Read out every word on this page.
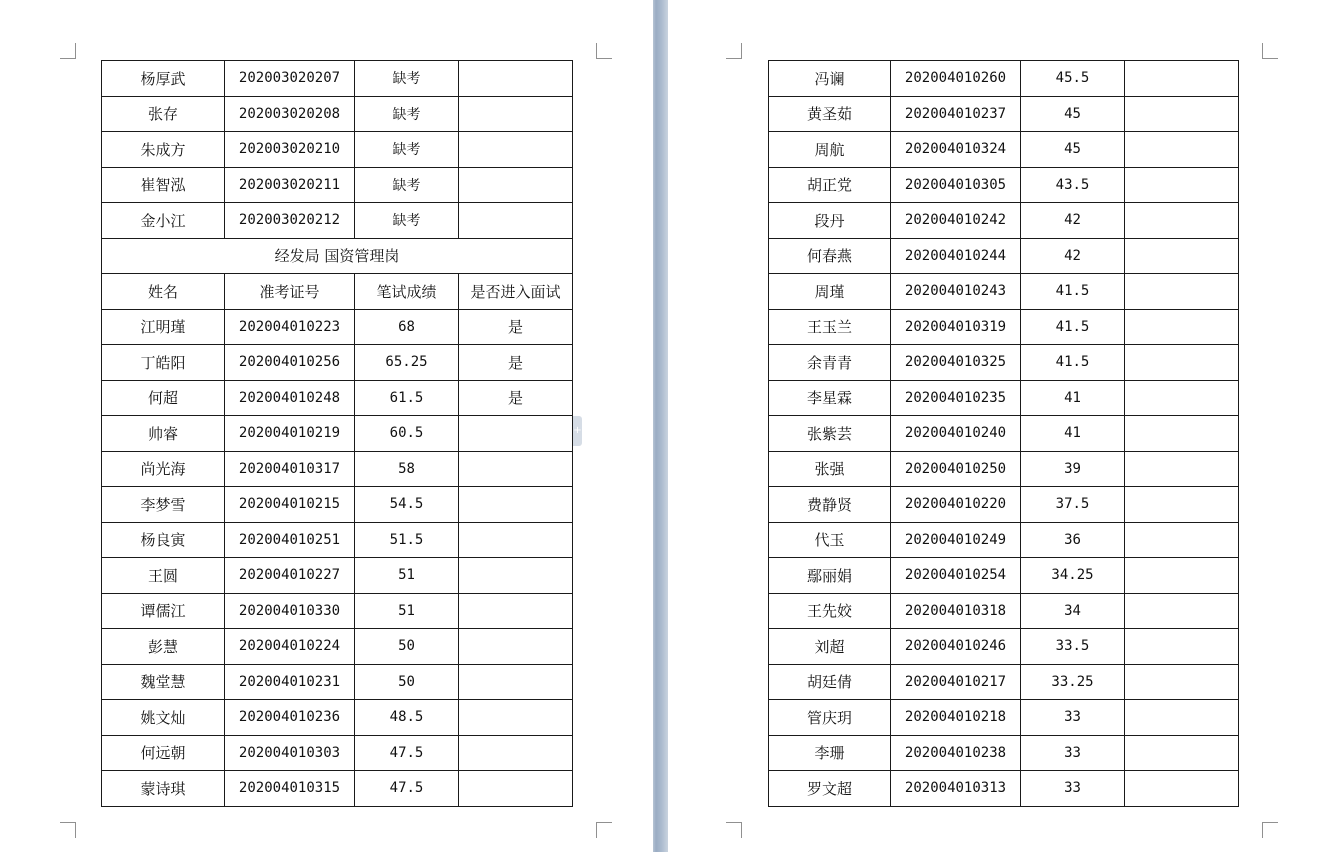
杨厚武	202003020207	缺考	
张存	202003020208	缺考	
朱成方	202003020210	缺考	
崔智泓	202003020211	缺考	
金小江	202003020212	缺考	
经发局 国资管理岗			
姓名	准考证号	笔试成绩	是否进入面试
江明瑾	202004010223	68	是
丁皓阳	202004010256	65.25	是
何超	202004010248	61.5	是
帅睿	202004010219	60.5	
尚光海	202004010317	58	
李梦雪	202004010215	54.5	
杨良寅	202004010251	51.5	
王圆	202004010227	51	
谭儒江	202004010330	51	
彭慧	202004010224	50	
魏堂慧	202004010231	50	
姚文灿	202004010236	48.5	
何远朝	202004010303	47.5	
蒙诗琪	202004010315	47.5	
+
冯谰	202004010260	45.5	
黄圣茹	202004010237	45	
周航	202004010324	45	
胡正党	202004010305	43.5	
段丹	202004010242	42	
何春燕	202004010244	42	
周瑾	202004010243	41.5	
王玉兰	202004010319	41.5	
余青青	202004010325	41.5	
李星霖	202004010235	41	
张紫芸	202004010240	41	
张强	202004010250	39	
费静贤	202004010220	37.5	
代玉	202004010249	36	
鄢丽娟	202004010254	34.25	
王先姣	202004010318	34	
刘超	202004010246	33.5	
胡廷倩	202004010217	33.25	
管庆玥	202004010218	33	
李珊	202004010238	33	
罗文超	202004010313	33	
